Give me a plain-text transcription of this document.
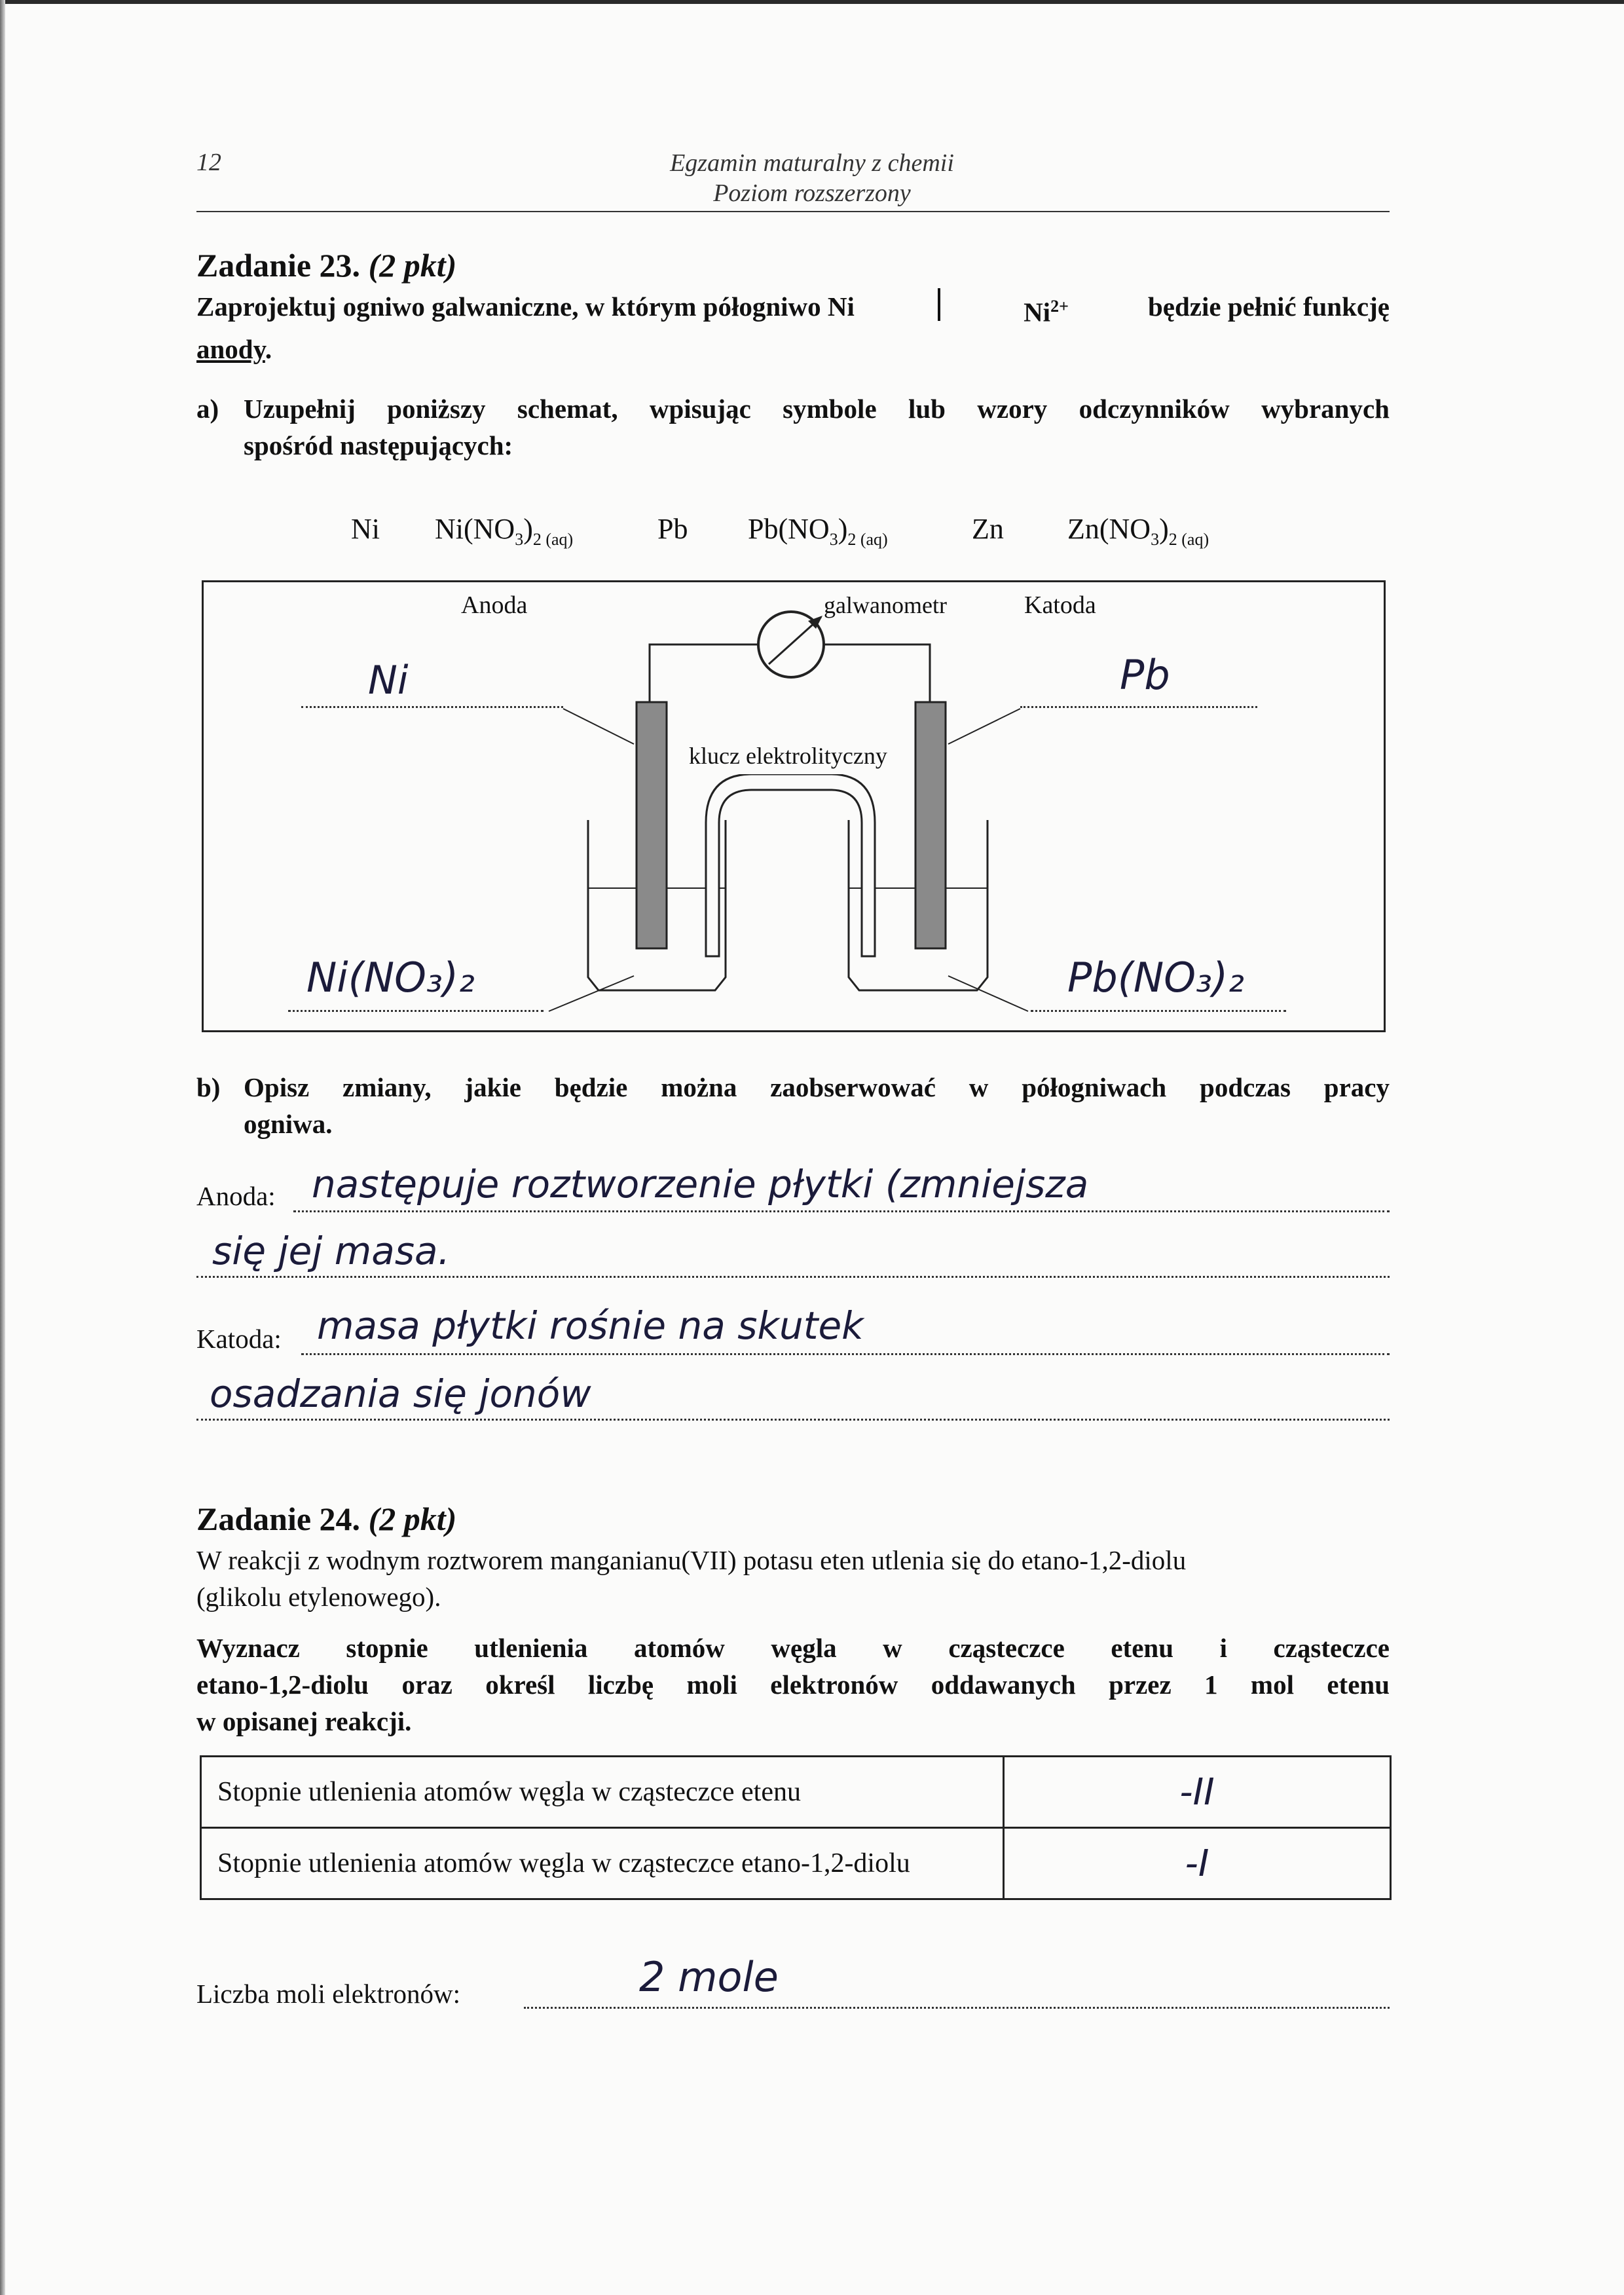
12	Egzamin maturalny z chemii
Poziom rozszerzony
Zadanie 23. (2 pkt)
Zaprojektuj ogniwo galwaniczne, w którym półogniwo Ni	$Ni^{2+}$	będzie pełnić funkcję
anody.
a) Uzupełnij poniższy schemat, wpisując symbole lub wzory odczynników wybranych
spośród następujących:
Ni $Ni(NO_3)_2$ $_{(aq)}$	Pb $Pb(NO_3)_2$ $_{(aq)}$	Zn $Zn(NO_3)_2$ $_{(aq)}$
Anoda	Katoda
galwanometr
klucz elektrolityczny
Ni	Pb
Ni(NO₃)₂	Pb(NO₃)₂
b) Opisz zmiany, jakie będzie można zaobserwować w półogniwach podczas pracy
ogniwa.
Anoda: następuje roztworzenie płytki (zmniejsza
się jej masa.
Katoda: masa płytki rośnie na skutek
osadzania się jonów
Zadanie 24. (2 pkt)
W reakcji z wodnym roztworem manganianu(VII) potasu eten utlenia się do etano-1,2-diolu
(glikolu etylenowego).
Wyznacz stopnie utlenienia atomów węgla w cząsteczce etenu i cząsteczce
etano-1,2-diolu oraz określ liczbę moli elektronów oddawanych przez 1 mol etenu
w opisanej reakcji.
Stopnie utlenienia atomów węgla w cząsteczce etenu	-II
Stopnie utlenienia atomów węgla w cząsteczce etano-1,2-diolu	-I
Liczba moli elektronów:	2 mole
